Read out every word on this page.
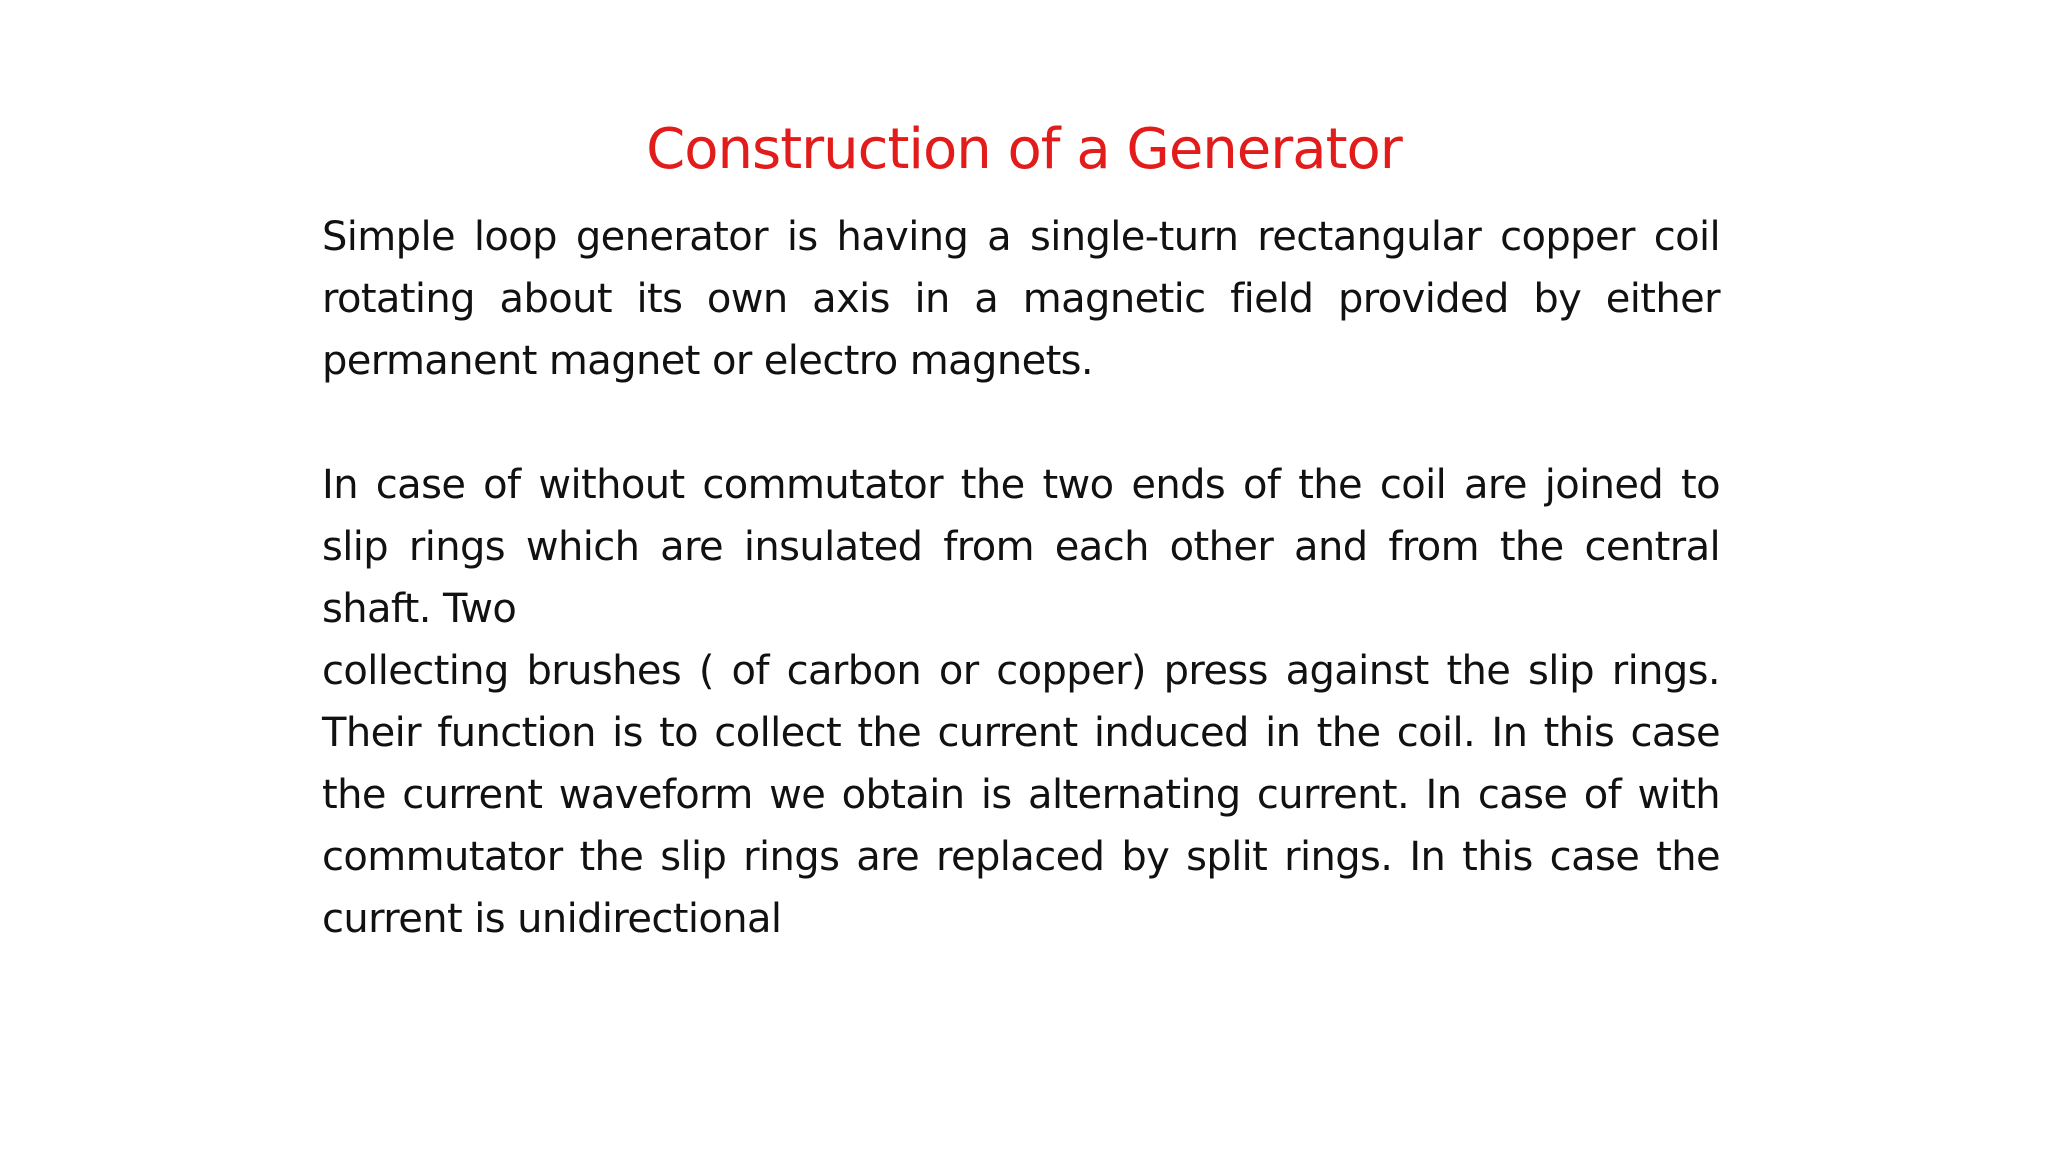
Construction of a Generator

Simple loop generator is having a single-turn rectangular copper coil rotating about its own axis in a magnetic field provided by either permanent magnet or electro magnets.

In case of without commutator the two ends of the coil are joined to slip rings which are insulated from each other and from the central shaft. Two

collecting brushes ( of carbon or copper) press against the slip rings. Their function is to collect the current induced in the coil. In this case the current waveform we obtain is alternating current. In case of with commutator the slip rings are replaced by split rings. In this case the current is unidirectional
